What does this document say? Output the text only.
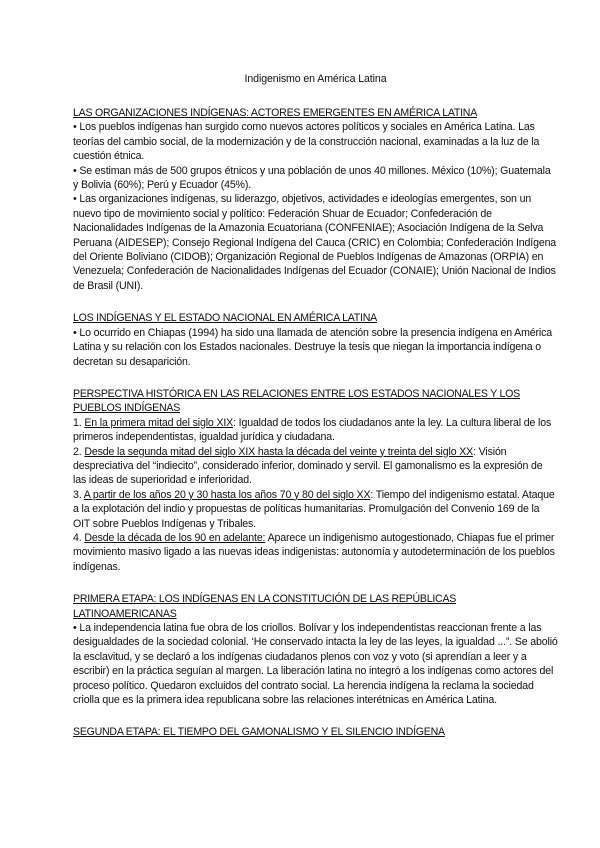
Indigenismo en América Latina

LAS ORGANIZACIONES INDÍGENAS: ACTORES EMERGENTES EN AMÉRICA LATINA

• Los pueblos indígenas han surgido como nuevos actores políticos y sociales en América Latina. Las teorías del cambio social, de la modernización y de la construcción nacional, examinadas a la luz de la cuestión étnica.

• Se estiman más de 500 grupos étnicos y una población de unos 40 millones. México (10%); Guatemala y Bolivia (60%); Perú y Ecuador (45%).

• Las organizaciones indígenas, su liderazgo, objetivos, actividades e ideologías emergentes, son un nuevo tipo de movimiento social y político: Federación Shuar de Ecuador; Confederación de Nacionalidades Indígenas de la Amazonia Ecuatoriana (CONFENIAE); Asociación Indígena de la Selva Peruana (AIDESEP); Consejo Regional Indígena del Cauca (CRIC) en Colombia; Confederación Indígena del Oriente Boliviano (CIDOB); Organización Regional de Pueblos Indígenas de Amazonas (ORPIA) en Venezuela; Confederación de Nacionalidades Indígenas del Ecuador (CONAIE); Unión Nacional de Indios de Brasil (UNI).

LOS INDÍGENAS Y EL ESTADO NACIONAL EN AMÉRICA LATINA

• Lo ocurrido en Chiapas (1994) ha sido una llamada de atención sobre la presencia indígena en América Latina y su relación con los Estados nacionales. Destruye la tesis que niegan la importancia indígena o decretan su desaparición.

PERSPECTIVA HISTÓRICA EN LAS RELACIONES ENTRE LOS ESTADOS NACIONALES Y LOS PUEBLOS INDÍGENAS

1. En la primera mitad del siglo XIX: Igualdad de todos los ciudadanos ante la ley. La cultura liberal de los primeros independentistas, igualdad jurídica y ciudadana.

2. Desde la segunda mitad del siglo XIX hasta la década del veinte y treinta del siglo XX: Visión despreciativa del “indiecito”, considerado inferior, dominado y servil. El gamonalismo es la expresión de las ideas de superioridad e inferioridad.

3. A partir de los años 20 y 30 hasta los años 70 y 80 del siglo XX: Tiempo del indigenismo estatal. Ataque a la explotación del indio y propuestas de políticas humanitarias. Promulgación del Convenio 169 de la OIT sobre Pueblos Indígenas y Tribales.

4. Desde la década de los 90 en adelante: Aparece un indigenismo autogestionado, Chiapas fue el primer movimiento masivo ligado a las nuevas ideas indigenistas: autonomía y autodeterminación de los pueblos indígenas.

PRIMERA ETAPA: LOS INDÍGENAS EN LA CONSTITUCIÓN DE LAS REPÚBLICAS LATINOAMERICANAS

• La independencia latina fue obra de los criollos. Bolívar y los independentistas reaccionan frente a las desigualdades de la sociedad colonial. ‘He conservado intacta la ley de las leyes, la igualdad ...”. Se abolió la esclavitud, y se declaró a los indígenas ciudadanos plenos con voz y voto (si aprendían a leer y a escribir) en la práctica seguían al margen. La liberación latina no integró a los indígenas como actores del proceso político. Quedaron excluidos del contrato social. La herencia indígena la reclama la sociedad criolla que es la primera idea republicana sobre las relaciones interétnicas en América Latina.

SEGUNDA ETAPA: EL TIEMPO DEL GAMONALISMO Y EL SILENCIO INDÍGENA
